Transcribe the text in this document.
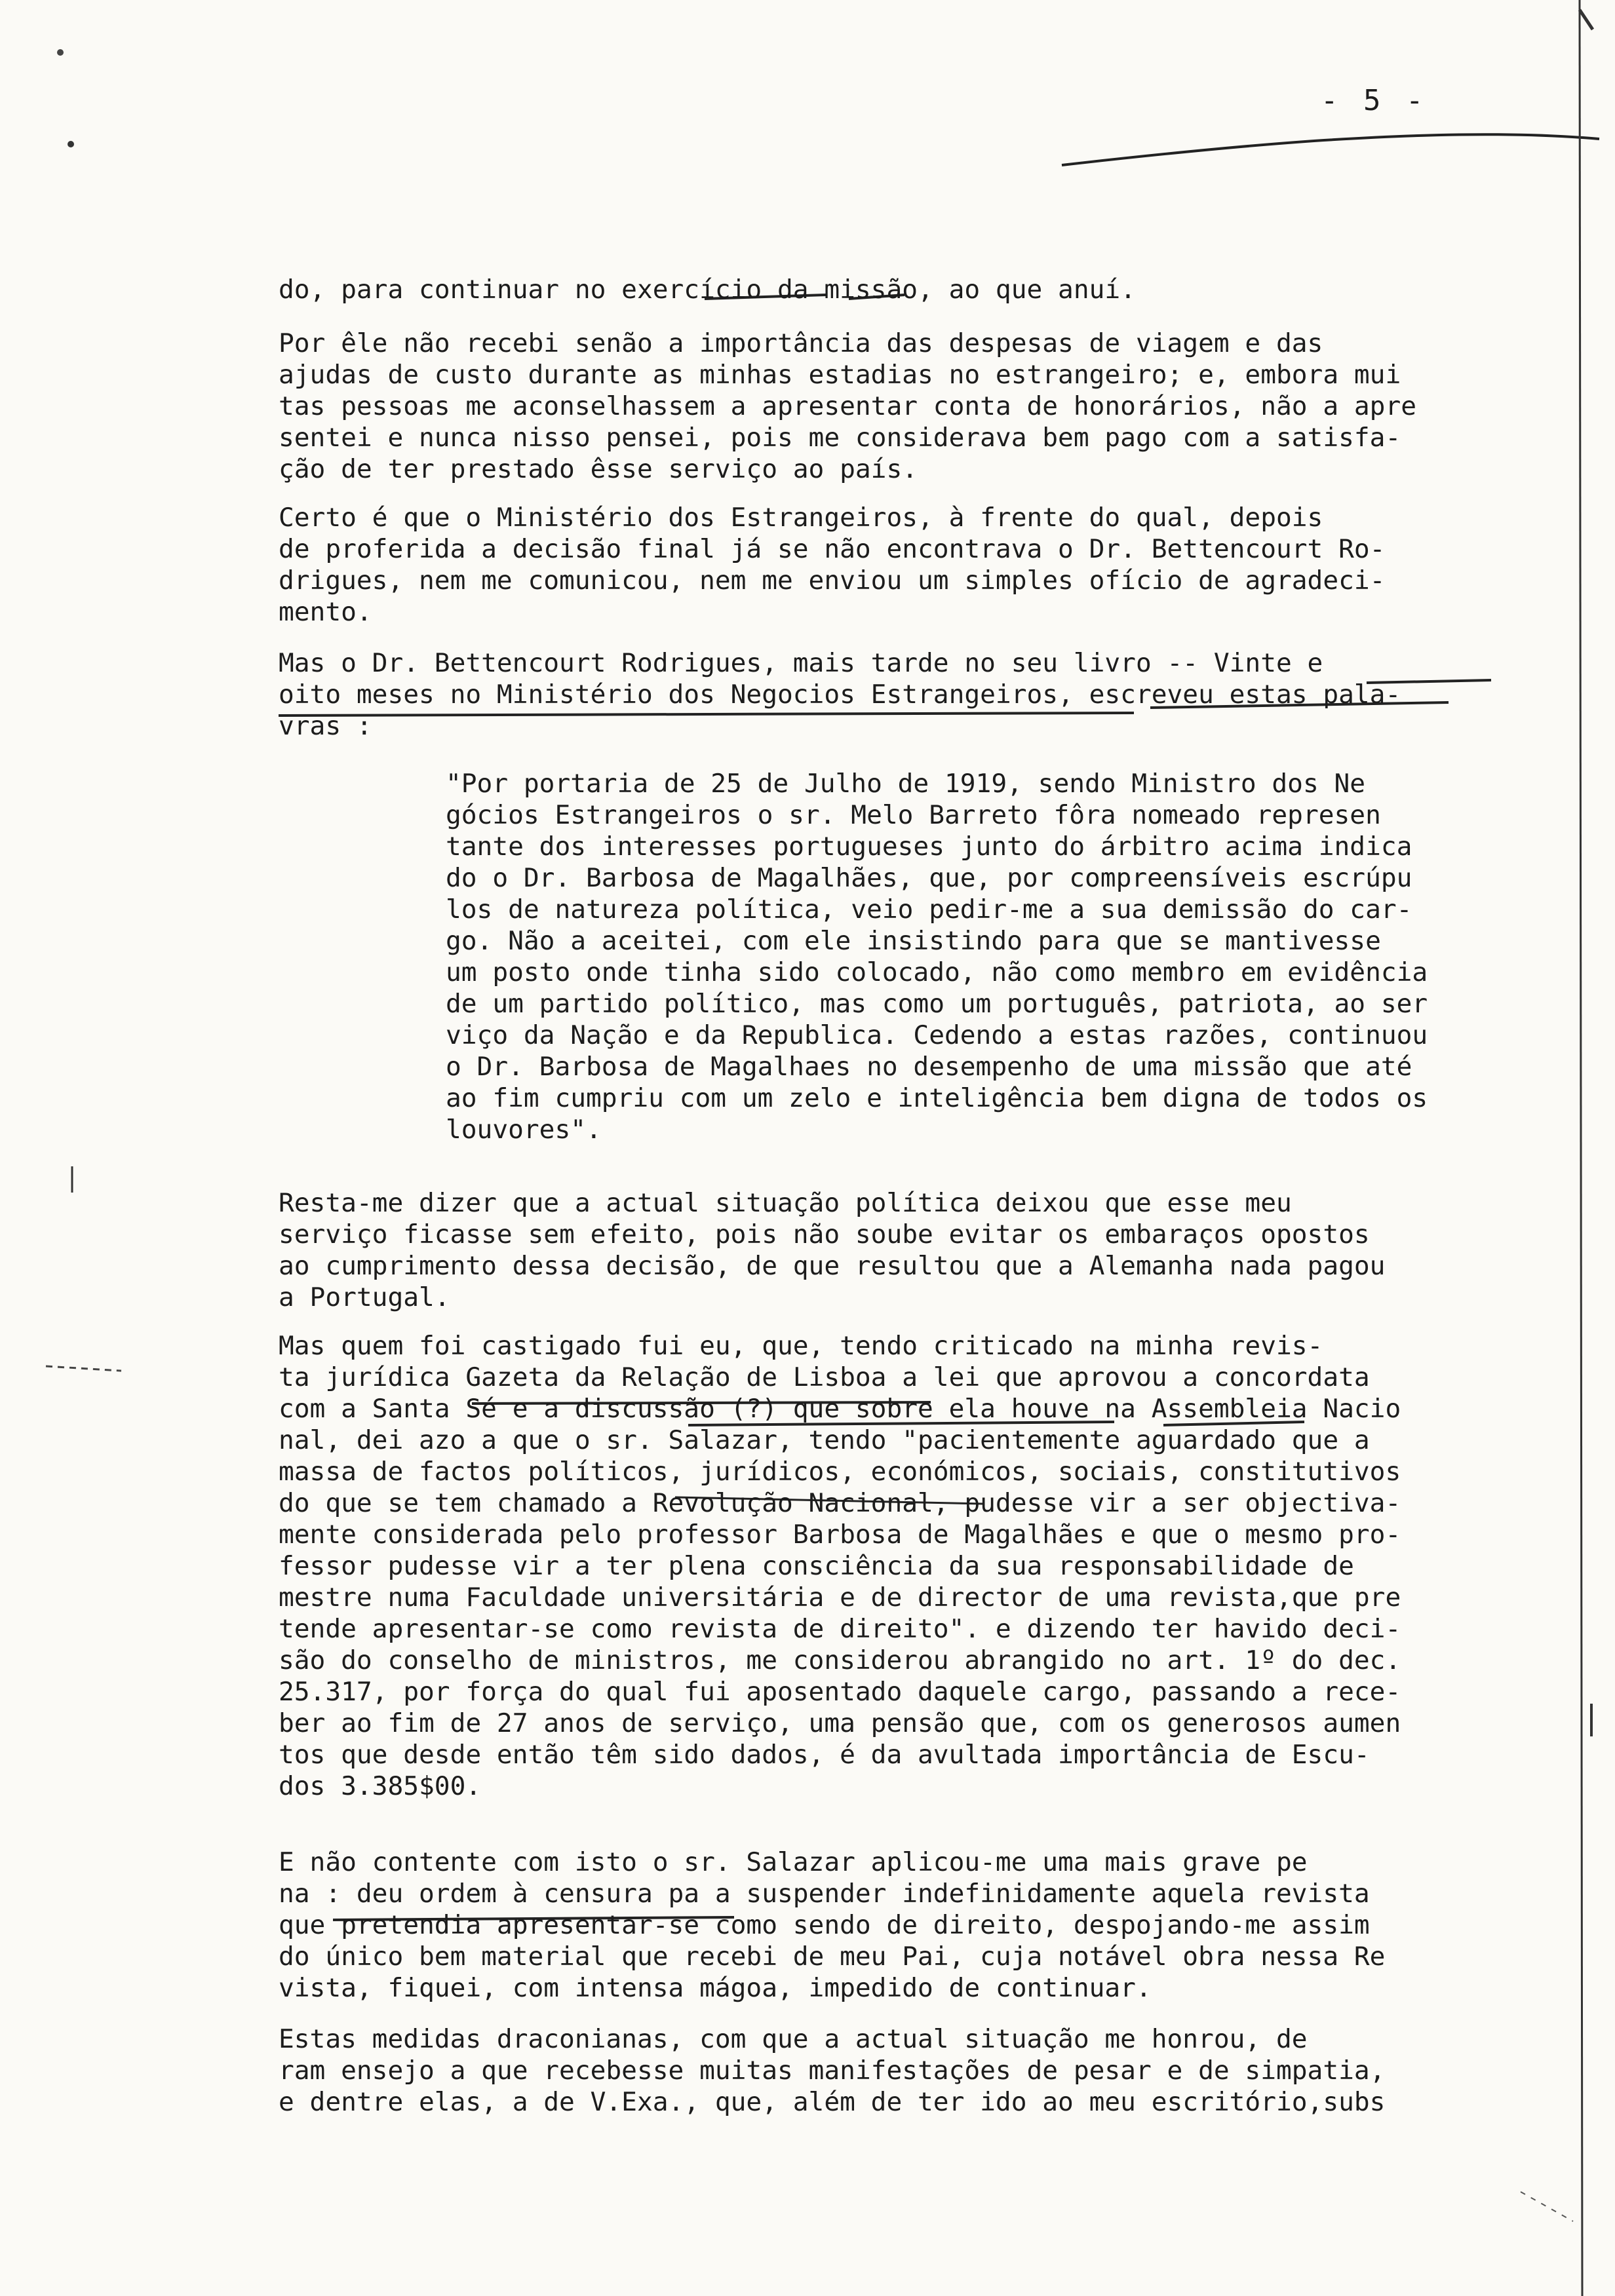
- 5 -

do, para continuar no exercício da missão, ao que anuí.

Por êle não recebi senão a importância das despesas de viagem e das
ajudas de custo durante as minhas estadias no estrangeiro; e, embora mui
tas pessoas me aconselhassem a apresentar conta de honorários, não a apre
sentei e nunca nisso pensei, pois me considerava bem pago com a satisfa-
ção de ter prestado êsse serviço ao país.

Certo é que o Ministério dos Estrangeiros, à frente do qual, depois
de proferida a decisão final já se não encontrava o Dr. Bettencourt Ro-
drigues, nem me comunicou, nem me enviou um simples ofício de agradeci-
mento.

Mas o Dr. Bettencourt Rodrigues, mais tarde no seu livro -- Vinte e
oito meses no Ministério dos Negocios Estrangeiros, escreveu estas pala-
vras :

"Por portaria de 25 de Julho de 1919, sendo Ministro dos Ne
gócios Estrangeiros o sr. Melo Barreto fôra nomeado represen
tante dos interesses portugueses junto do árbitro acima indica
do o Dr. Barbosa de Magalhães, que, por compreensíveis escrúpu
los de natureza política, veio pedir-me a sua demissão do car-
go. Não a aceitei, com ele insistindo para que se mantivesse
um posto onde tinha sido colocado, não como membro em evidência
de um partido político, mas como um português, patriota, ao ser
viço da Nação e da Republica. Cedendo a estas razões, continuou
o Dr. Barbosa de Magalhaes no desempenho de uma missão que até
ao fim cumpriu com um zelo e inteligência bem digna de todos os
louvores".

Resta-me dizer que a actual situação política deixou que esse meu
serviço ficasse sem efeito, pois não soube evitar os embaraços opostos
ao cumprimento dessa decisão, de que resultou que a Alemanha nada pagou
a Portugal.

Mas quem foi castigado fui eu, que, tendo criticado na minha revis-
ta jurídica Gazeta da Relação de Lisboa a lei que aprovou a concordata
com a Santa Sé e a discussão (?) que sobre ela houve na Assembleia Nacio
nal, dei azo a que o sr. Salazar, tendo "pacientemente aguardado que a
massa de factos políticos, jurídicos, económicos, sociais, constitutivos
do que se tem chamado a Revolução Nacional, pudesse vir a ser objectiva-
mente considerada pelo professor Barbosa de Magalhães e que o mesmo pro-
fessor pudesse vir a ter plena consciência da sua responsabilidade de
mestre numa Faculdade universitária e de director de uma revista,que pre
tende apresentar-se como revista de direito". e dizendo ter havido deci-
são do conselho de ministros, me considerou abrangido no art. 1º do dec.
25.317, por força do qual fui aposentado daquele cargo, passando a rece-
ber ao fim de 27 anos de serviço, uma pensão que, com os generosos aumen
tos que desde então têm sido dados, é da avultada importância de Escu-
dos 3.385$00.

E não contente com isto o sr. Salazar aplicou-me uma mais grave pe
na : deu ordem à censura pa a suspender indefinidamente aquela revista
que pretendia apresentar-se como sendo de direito, despojando-me assim
do único bem material que recebi de meu Pai, cuja notável obra nessa Re
vista, fiquei, com intensa mágoa, impedido de continuar.

Estas medidas draconianas, com que a actual situação me honrou, de
ram ensejo a que recebesse muitas manifestações de pesar e de simpatia,
e dentre elas, a de V.Exa., que, além de ter ido ao meu escritório,subs
